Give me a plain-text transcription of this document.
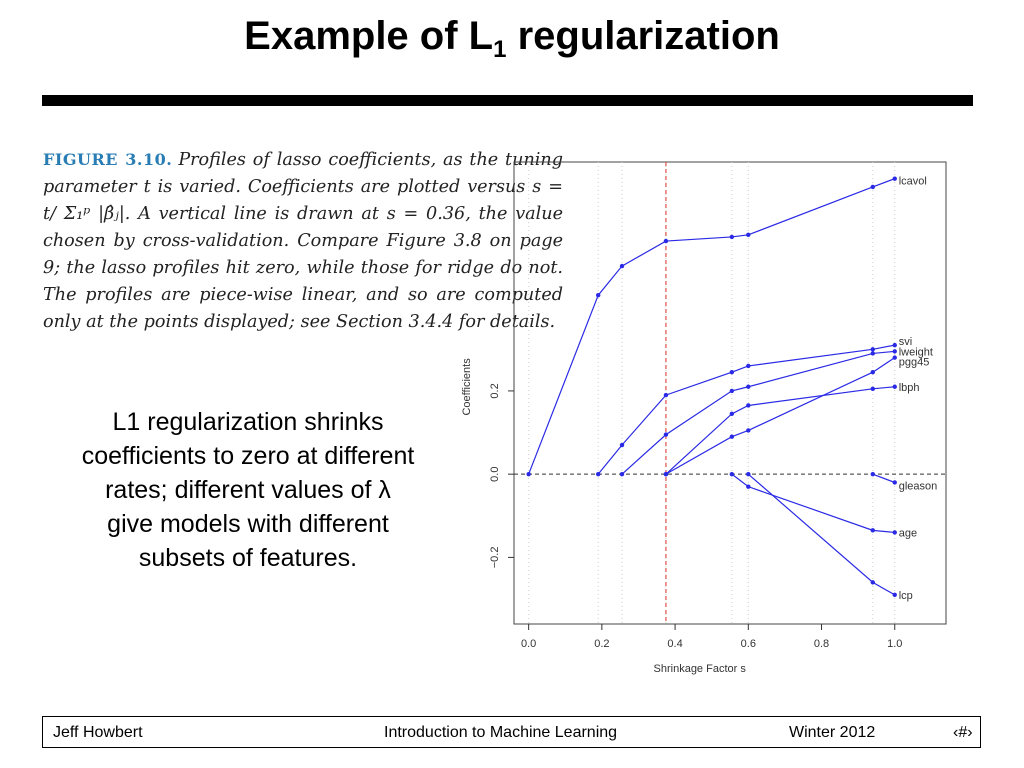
Example of $L_1$ regularization
FIGURE 3.10. Profiles of lasso coefficients, as the tuning parameter t is varied. Coefficients are plotted versus s = t/ Σ₁ᵖ |β̂ⱼ|. A vertical line is drawn at s = 0.36, the value chosen by cross-validation. Compare Figure 3.8 on page 9; the lasso profiles hit zero, while those for ridge do not. The profiles are piece-wise linear, and so are computed only at the points displayed; see Section 3.4.4 for details.
L1 regularization shrinks coefficients to zero at different rates; different values of λ give models with different subsets of features.
0.0	0.2	0.4	0.6	0.8	1.0
−0.2
0.0
0.2
Shrinkage Factor s
Coefficients
lcavol
svi
lweight
pgg45
lbph
gleason
age
lcp
Jeff Howbert	Introduction to Machine Learning	Winter 2012	‹#›
